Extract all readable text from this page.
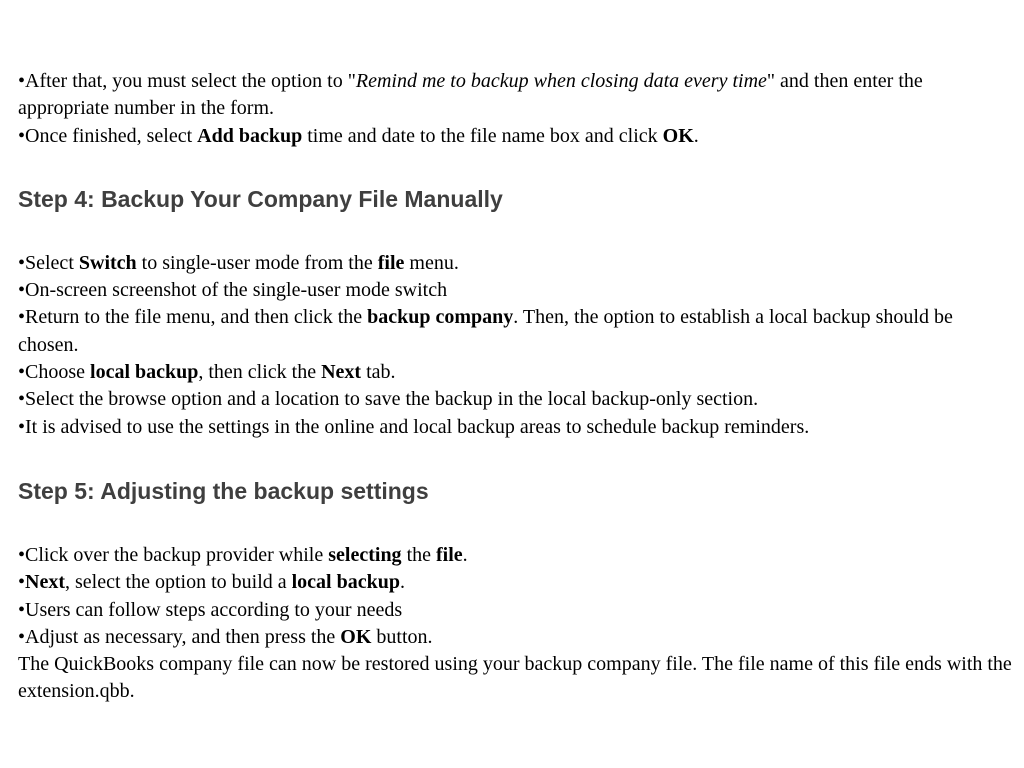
•After that, you must select the option to "Remind me to backup when closing data every time" and then enter the appropriate number in the form.

•Once finished, select Add backup time and date to the file name box and click OK.

Step 4: Backup Your Company File Manually

•Select Switch to single-user mode from the file menu.

•On-screen screenshot of the single-user mode switch

•Return to the file menu, and then click the backup company. Then, the option to establish a local backup should be chosen.

•Choose local backup, then click the Next tab.

•Select the browse option and a location to save the backup in the local backup-only section.

•It is advised to use the settings in the online and local backup areas to schedule backup reminders.

Step 5: Adjusting the backup settings

•Click over the backup provider while selecting the file.

•Next, select the option to build a local backup.

•Users can follow steps according to your needs

•Adjust as necessary, and then press the OK button.

The QuickBooks company file can now be restored using your backup company file. The file name of this file ends with the extension.qbb.
